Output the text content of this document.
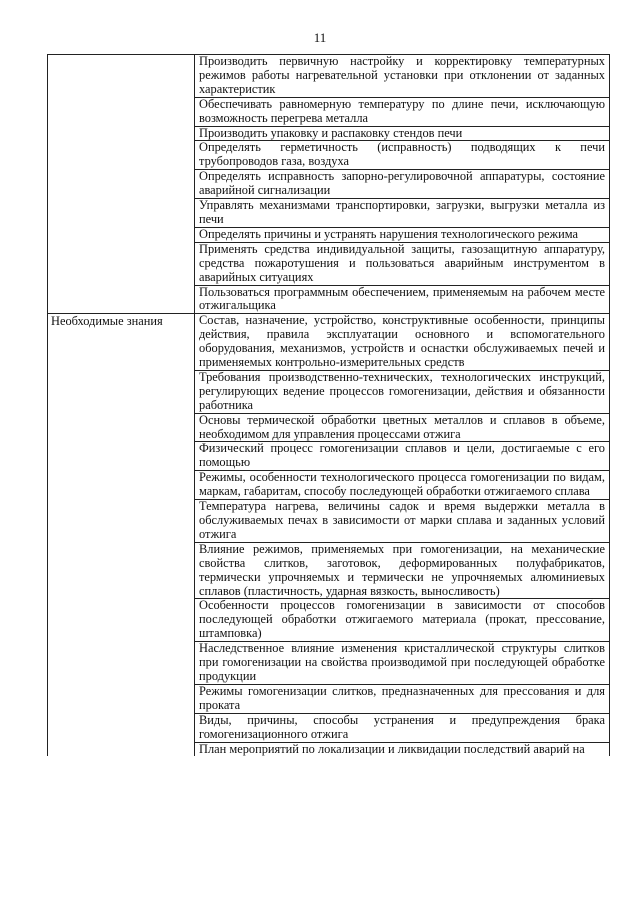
11
	Производить первичную настройку и корректировку температурных режимов работы нагревательной установки при отклонении от заданных характеристик
	Обеспечивать равномерную температуру по длине печи, исключающую возможность перегрева металла
	Производить упаковку и распаковку стендов печи
	Определять герметичность (исправность) подводящих к печи трубопроводов газа, воздуха
	Определять исправность запорно-регулировочной аппаратуры, состояние аварийной сигнализации
	Управлять механизмами транспортировки, загрузки, выгрузки металла из печи
	Определять причины и устранять нарушения технологического режима
	Применять средства индивидуальной защиты, газозащитную аппаратуру, средства пожаротушения и пользоваться аварийным инструментом в аварийных ситуациях
	Пользоваться программным обеспечением, применяемым на рабочем месте отжигальщика
Необходимые знания	Состав, назначение, устройство, конструктивные особенности, принципы действия, правила эксплуатации основного и вспомогательного оборудования, механизмов, устройств и оснастки обслуживаемых печей и применяемых контрольно-измерительных средств
	Требования производственно-технических, технологических инструкций, регулирующих ведение процессов гомогенизации, действия и обязанности работника
	Основы термической обработки цветных металлов и сплавов в объеме, необходимом для управления процессами отжига
	Физический процесс гомогенизации сплавов и цели, достигаемые с его помощью
	Режимы, особенности технологического процесса гомогенизации по видам, маркам, габаритам, способу последующей обработки отжигаемого сплава
	Температура нагрева, величины садок и время выдержки металла в обслуживаемых печах в зависимости от марки сплава и заданных условий отжига
	Влияние режимов, применяемых при гомогенизации, на механические свойства слитков, заготовок, деформированных полуфабрикатов, термически упрочняемых и термически не упрочняемых алюминиевых сплавов (пластичность, ударная вязкость, выносливость)
	Особенности процессов гомогенизации в зависимости от способов последующей обработки отжигаемого материала (прокат, прессование, штамповка)
	Наследственное влияние изменения кристаллической структуры слитков при гомогенизации на свойства производимой при последующей обработке продукции
	Режимы гомогенизации слитков, предназначенных для прессования и для проката
	Виды, причины, способы устранения и предупреждения брака гомогенизационного отжига
	План мероприятий по локализации и ликвидации последствий аварий на
